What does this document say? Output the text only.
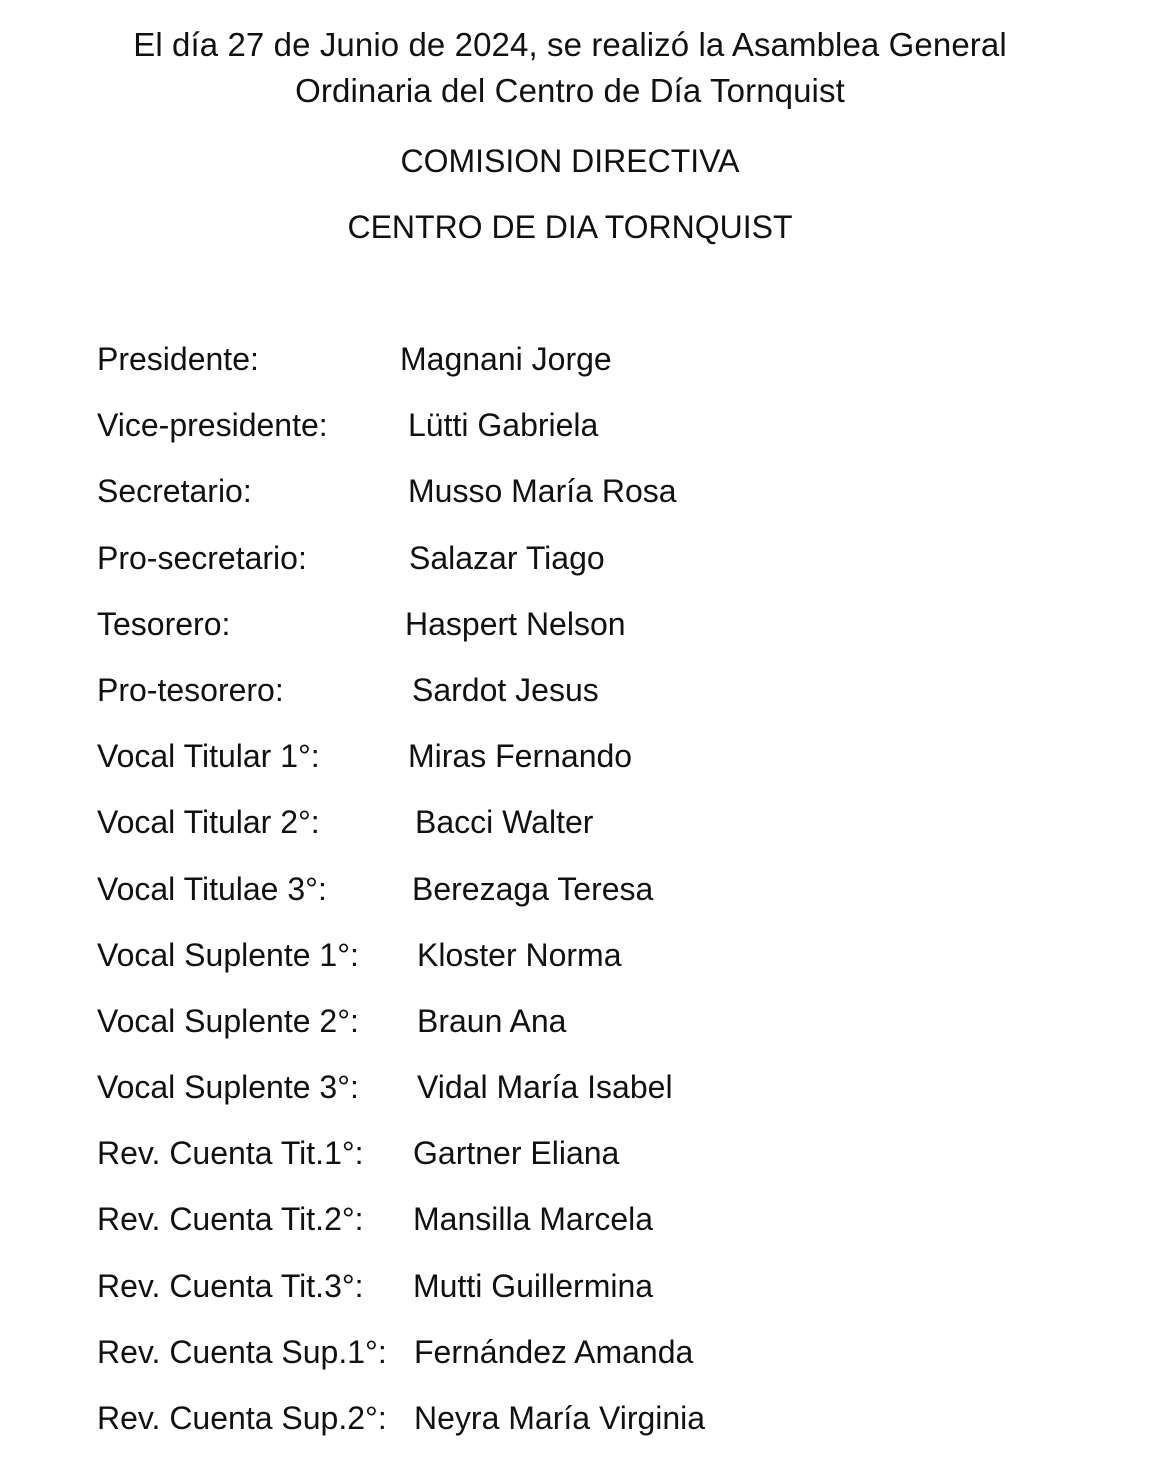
El día 27 de Junio de 2024, se realizó la Asamblea General
Ordinaria del Centro de Día Tornquist
COMISION DIRECTIVA
CENTRO DE DIA TORNQUIST
Presidente:	Magnani Jorge
Vice-presidente:	Lütti Gabriela
Secretario:	Musso María Rosa
Pro-secretario:	Salazar Tiago
Tesorero:	Haspert Nelson
Pro-tesorero:	Sardot Jesus
Vocal Titular 1°:	Miras Fernando
Vocal Titular 2°:	Bacci Walter
Vocal Titulae 3°:	Berezaga Teresa
Vocal Suplente 1°: Kloster Norma
Vocal Suplente 2°: Braun Ana
Vocal Suplente 3°: Vidal María Isabel
Rev. Cuenta Tit.1°: Gartner Eliana
Rev. Cuenta Tit.2°: Mansilla Marcela
Rev. Cuenta Tit.3°: Mutti Guillermina
Rev. Cuenta Sup.1°: Fernández Amanda
Rev. Cuenta Sup.2°: Neyra María Virginia
